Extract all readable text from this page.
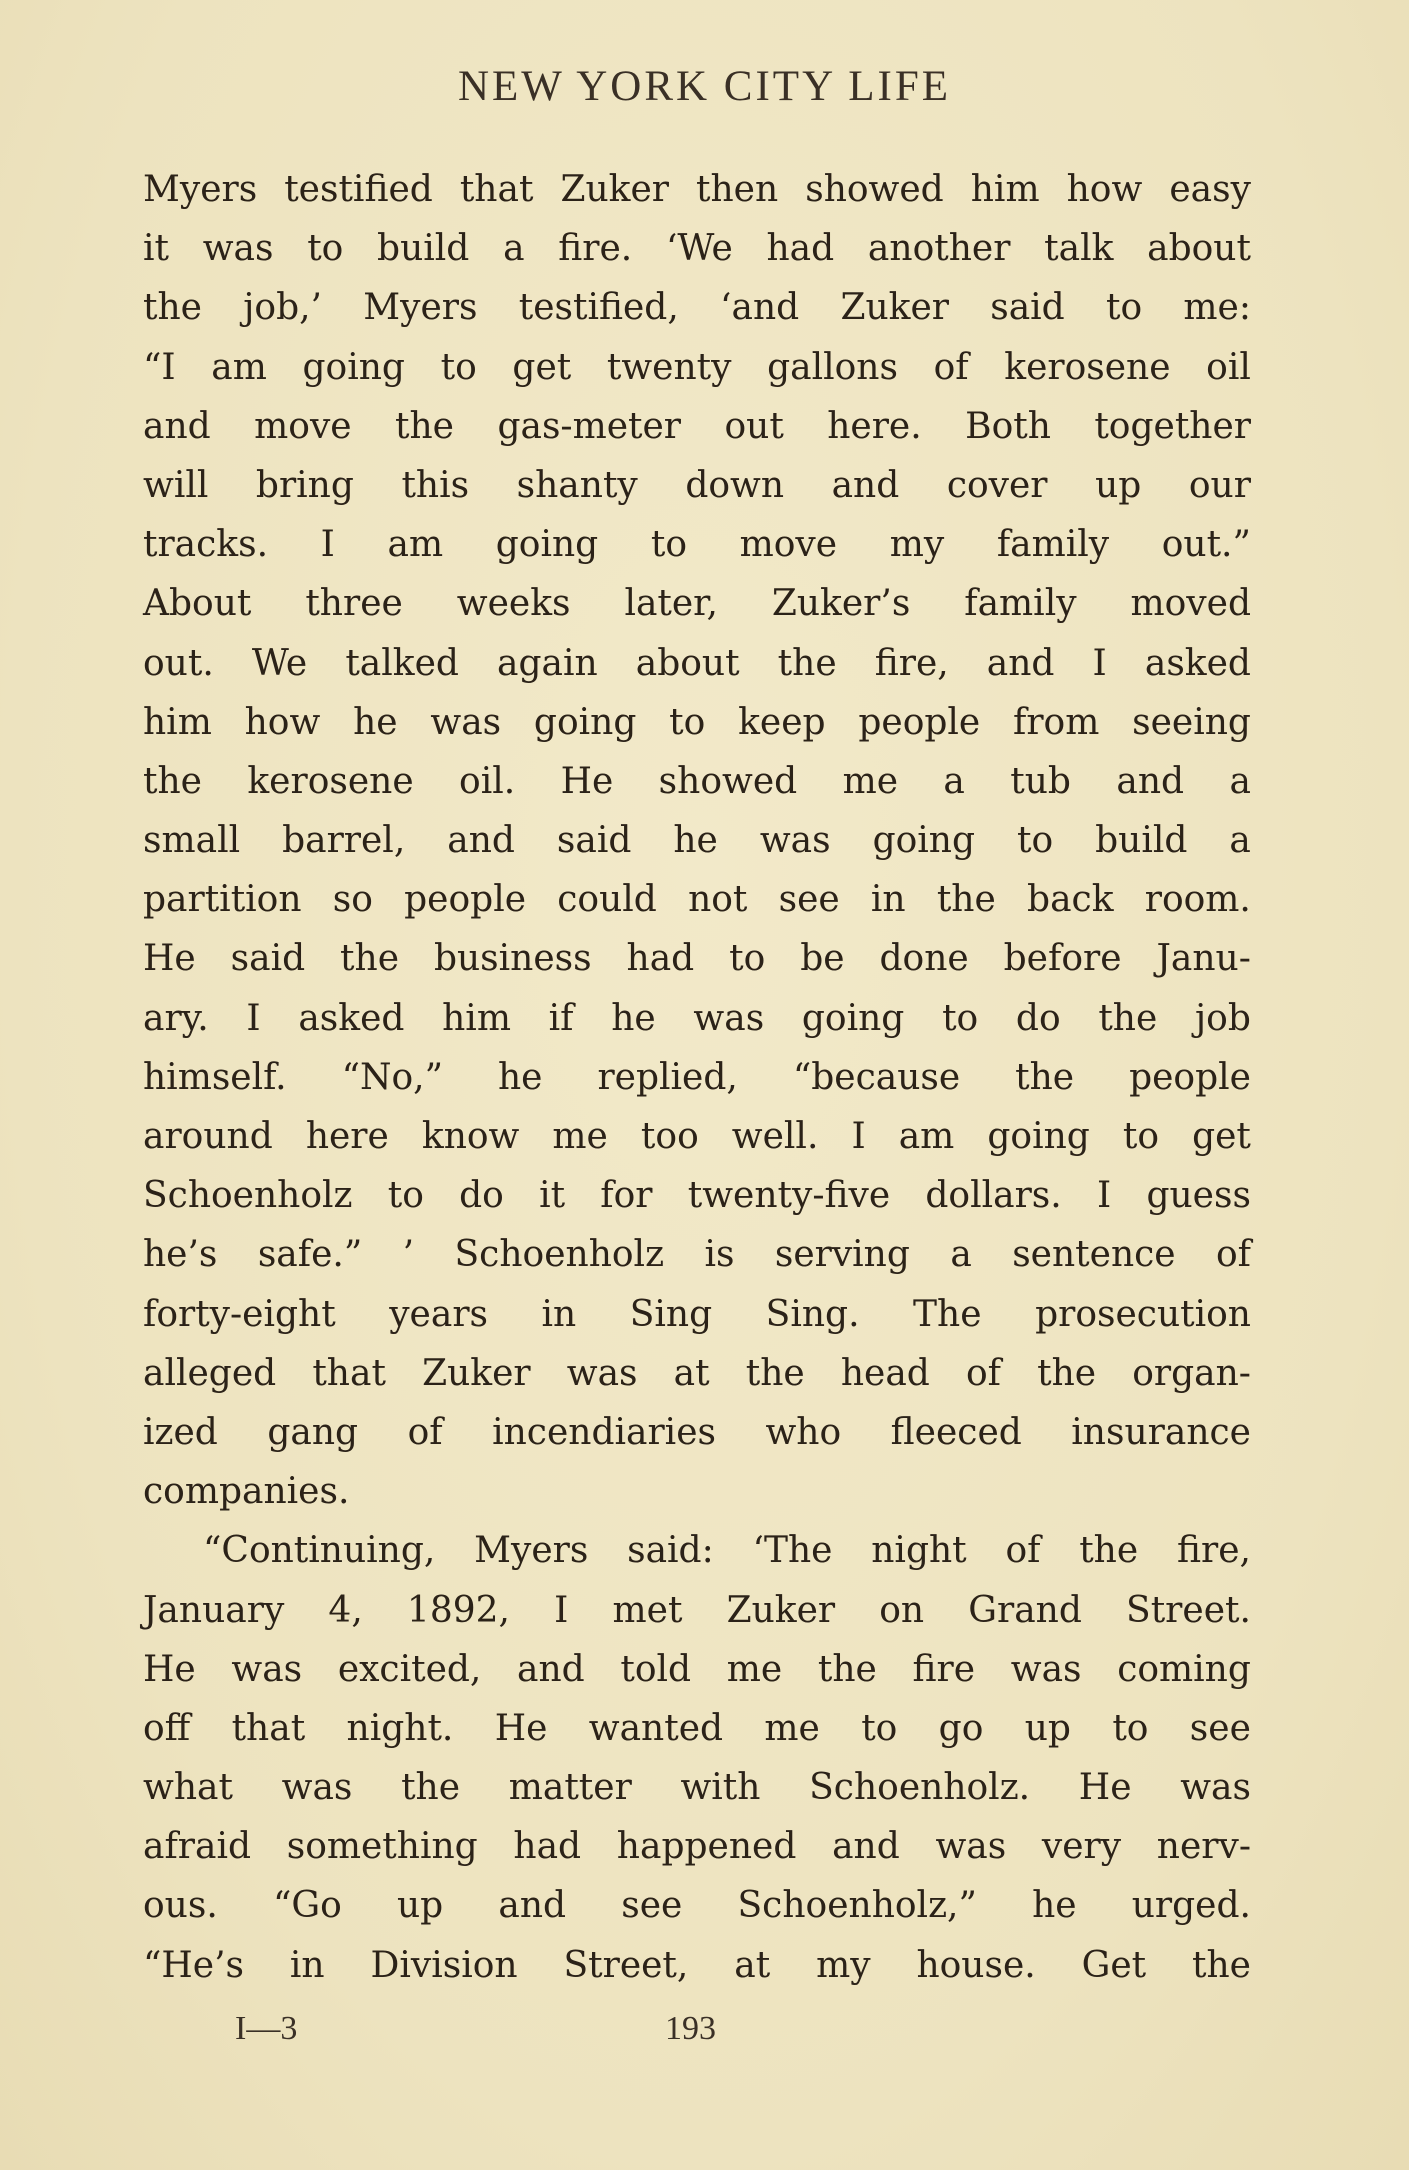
NEW YORK CITY LIFE
Myers testified that Zuker then showed him how easy
it was to build a fire. ‘We had another talk about
the job,’ Myers testified, ‘and Zuker said to me:
“I am going to get twenty gallons of kerosene oil
and move the gas-meter out here. Both together
will bring this shanty down and cover up our
tracks. I am going to move my family out.”
About three weeks later, Zuker’s family moved
out. We talked again about the fire, and I asked
him how he was going to keep people from seeing
the kerosene oil. He showed me a tub and a
small barrel, and said he was going to build a
partition so people could not see in the back room.
He said the business had to be done before Janu-
ary. I asked him if he was going to do the job
himself. “No,” he replied, “because the people
around here know me too well. I am going to get
Schoenholz to do it for twenty-five dollars. I guess
he’s safe.” ’ Schoenholz is serving a sentence of
forty-eight years in Sing Sing. The prosecution
alleged that Zuker was at the head of the organ-
ized gang of incendiaries who fleeced insurance
companies.
“Continuing, Myers said: ‘The night of the fire,
January 4, 1892, I met Zuker on Grand Street.
He was excited, and told me the fire was coming
off that night. He wanted me to go up to see
what was the matter with Schoenholz. He was
afraid something had happened and was very nerv-
ous. “Go up and see Schoenholz,” he urged.
“He’s in Division Street, at my house. Get the
I—3	193
